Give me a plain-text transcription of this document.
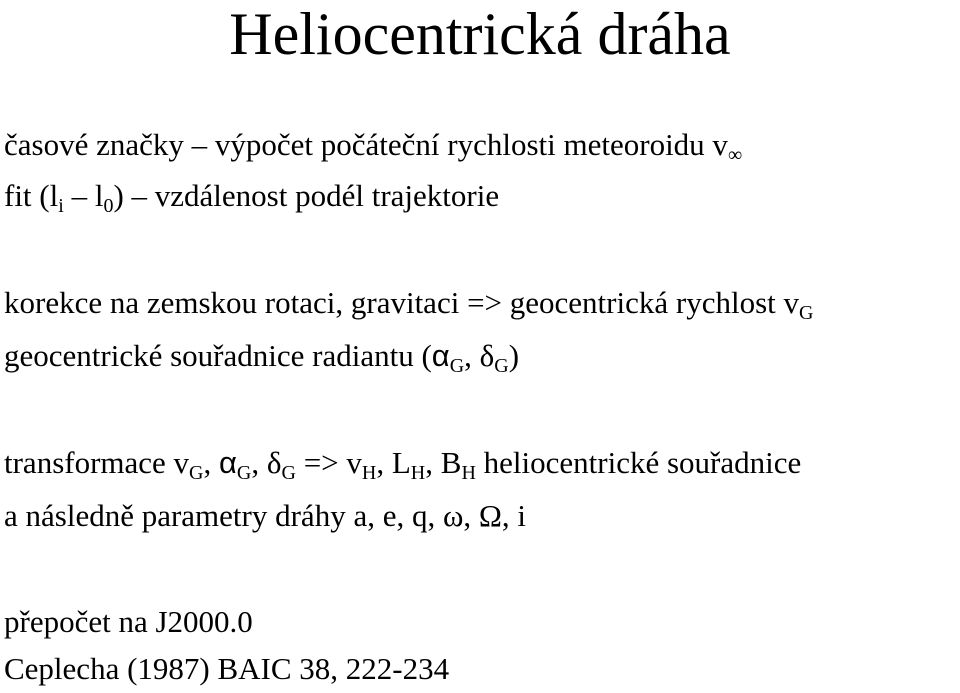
Heliocentrická dráha
časové značky – výpočet počáteční rychlosti meteoroidu v∞
fit $(l_i - l_0)$ – vzdálenost podél trajektorie
korekce na zemskou rotaci, gravitaci => geocentrická rychlost $v_G$
geocentrické souřadnice radiantu ($\alpha_G$, $\delta_G$)
transformace $v_G$, $\alpha_G$, $\delta_G => v_H$, $L_H$, $B_H$ heliocentrické souřadnice
a následně parametry dráhy a, e, q, ω, Ω, i
přepočet na J2000.0
Ceplecha (1987) BAIC 38, 222-234
